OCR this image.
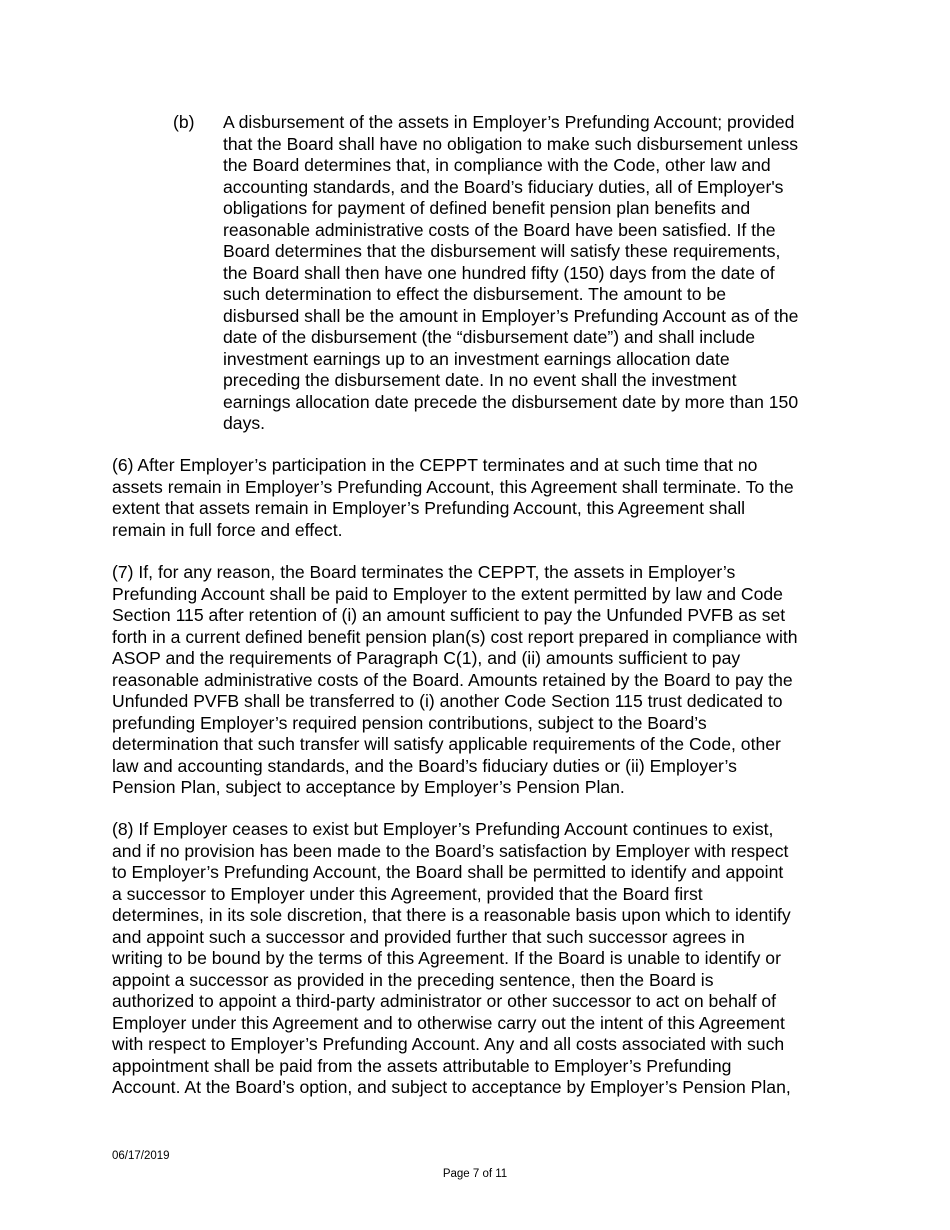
(b) A disbursement of the assets in Employer’s Prefunding Account; provided
that the Board shall have no obligation to make such disbursement unless
the Board determines that, in compliance with the Code, other law and
accounting standards, and the Board’s fiduciary duties, all of Employer's
obligations for payment of defined benefit pension plan benefits and
reasonable administrative costs of the Board have been satisfied. If the
Board determines that the disbursement will satisfy these requirements,
the Board shall then have one hundred fifty (150) days from the date of
such determination to effect the disbursement. The amount to be
disbursed shall be the amount in Employer’s Prefunding Account as of the
date of the disbursement (the “disbursement date”) and shall include
investment earnings up to an investment earnings allocation date
preceding the disbursement date. In no event shall the investment
earnings allocation date precede the disbursement date by more than 150
days.
(6) After Employer’s participation in the CEPPT terminates and at such time that no
assets remain in Employer’s Prefunding Account, this Agreement shall terminate. To the
extent that assets remain in Employer’s Prefunding Account, this Agreement shall
remain in full force and effect.
(7) If, for any reason, the Board terminates the CEPPT, the assets in Employer’s
Prefunding Account shall be paid to Employer to the extent permitted by law and Code
Section 115 after retention of (i) an amount sufficient to pay the Unfunded PVFB as set
forth in a current defined benefit pension plan(s) cost report prepared in compliance with
ASOP and the requirements of Paragraph C(1), and (ii) amounts sufficient to pay
reasonable administrative costs of the Board. Amounts retained by the Board to pay the
Unfunded PVFB shall be transferred to (i) another Code Section 115 trust dedicated to
prefunding Employer’s required pension contributions, subject to the Board’s
determination that such transfer will satisfy applicable requirements of the Code, other
law and accounting standards, and the Board’s fiduciary duties or (ii) Employer’s
Pension Plan, subject to acceptance by Employer’s Pension Plan.
(8) If Employer ceases to exist but Employer’s Prefunding Account continues to exist,
and if no provision has been made to the Board’s satisfaction by Employer with respect
to Employer’s Prefunding Account, the Board shall be permitted to identify and appoint
a successor to Employer under this Agreement, provided that the Board first
determines, in its sole discretion, that there is a reasonable basis upon which to identify
and appoint such a successor and provided further that such successor agrees in
writing to be bound by the terms of this Agreement. If the Board is unable to identify or
appoint a successor as provided in the preceding sentence, then the Board is
authorized to appoint a third-party administrator or other successor to act on behalf of
Employer under this Agreement and to otherwise carry out the intent of this Agreement
with respect to Employer’s Prefunding Account. Any and all costs associated with such
appointment shall be paid from the assets attributable to Employer’s Prefunding
Account. At the Board’s option, and subject to acceptance by Employer’s Pension Plan,
06/17/2019
Page 7 of 11
